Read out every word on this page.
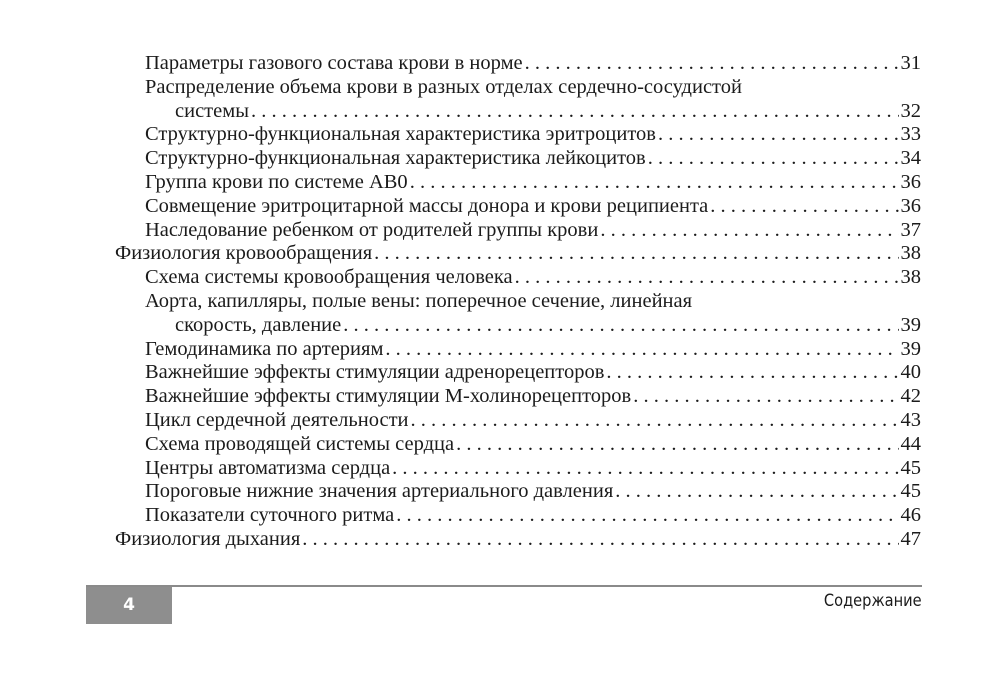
Параметры газового состава крови в норме . . .	31
Распределение объема крови в разных отделах сердечно-сосудистой
системы . . .	32
Структурно-функциональная характеристика эритроцитов . . .	33
Структурно-функциональная характеристика лейкоцитов . . .	34
Группа крови по системе АВ0 . . .	36
Совмещение эритроцитарной массы донора и крови реципиента . . .	36
Наследование ребенком от родителей группы крови . . .	37
Физиология кровообращения . . .	38
Схема системы кровообращения человека . . .	38
Аорта, капилляры, полые вены: поперечное сечение, линейная
скорость, давление . . .	39
Гемодинамика по артериям . . .	39
Важнейшие эффекты стимуляции адренорецепторов . . .	40
Важнейшие эффекты стимуляции М-холинорецепторов . . .	42
Цикл сердечной деятельности . . .	43
Схема проводящей системы сердца . . .	44
Центры автоматизма сердца . . .	45
Пороговые нижние значения артериального давления . . .	45
Показатели суточного ритма . . .	46
Физиология дыхания . . .	47
4	Содержание
